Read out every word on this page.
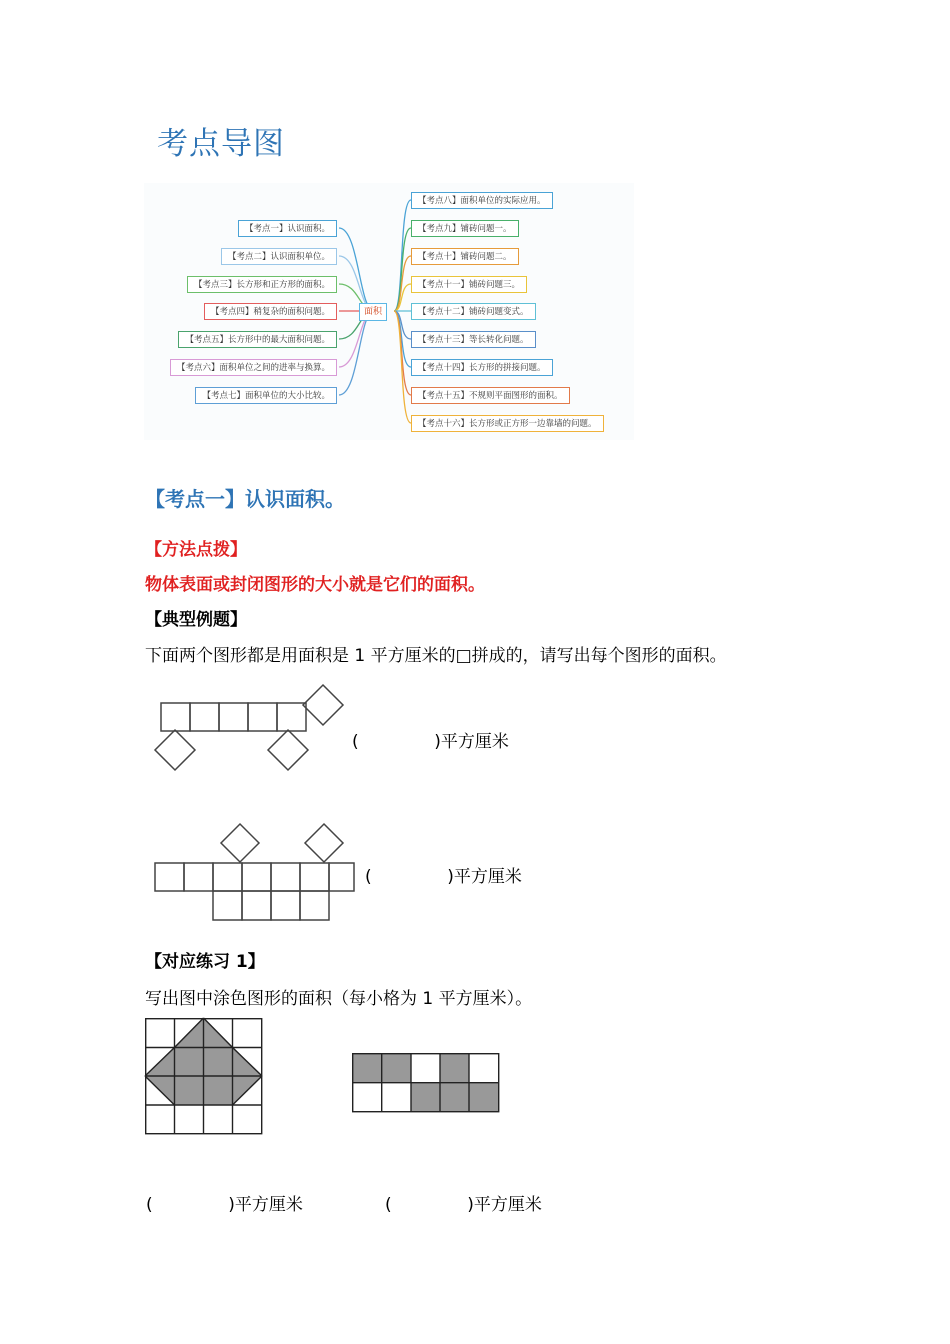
考点导图
面积
【考点一】认识面积。
【考点二】认识面积单位。
【考点三】长方形和正方形的面积。
【考点四】稍复杂的面积问题。
【考点五】长方形中的最大面积问题。
【考点六】面积单位之间的进率与换算。
【考点七】面积单位的大小比较。
【考点八】面积单位的实际应用。
【考点九】铺砖问题一。
【考点十】铺砖问题二。
【考点十一】铺砖问题三。
【考点十二】铺砖问题变式。
【考点十三】等长转化问题。
【考点十四】长方形的拼接问题。
【考点十五】不规则平面图形的面积。
【考点十六】长方形或正方形一边靠墙的问题。
【考点一】认识面积。
【方法点拨】
物体表面或封闭图形的大小就是它们的面积。
【典型例题】
下面两个图形都是用面积是 1 平方厘米的□拼成的，请写出每个图形的面积。
(              )平方厘米
(              )平方厘米
【对应练习 1】
写出图中涂色图形的面积（每小格为 1 平方厘米）。
(              )平方厘米	(              )平方厘米
